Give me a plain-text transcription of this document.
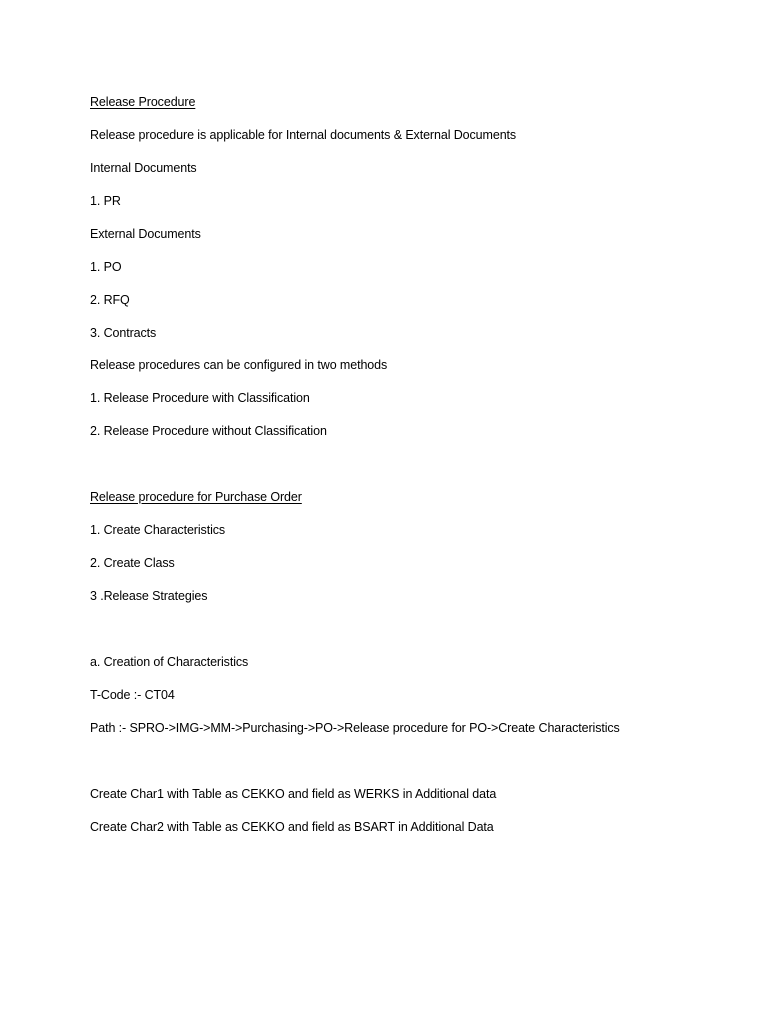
Release Procedure
Release procedure is applicable for Internal documents & External Documents
Internal Documents
1. PR
External Documents
1. PO
2. RFQ
3. Contracts
Release procedures can be configured in two methods
1. Release Procedure with Classification
2. Release Procedure without Classification
Release procedure for Purchase Order
1. Create Characteristics
2. Create Class
3 .Release Strategies
a. Creation of Characteristics
T-Code :- CT04
Path :- SPRO->IMG->MM->Purchasing->PO->Release procedure for PO->Create Characteristics
Create Char1 with Table as CEKKO and field as WERKS in Additional data
Create Char2 with Table as CEKKO and field as BSART in Additional Data
